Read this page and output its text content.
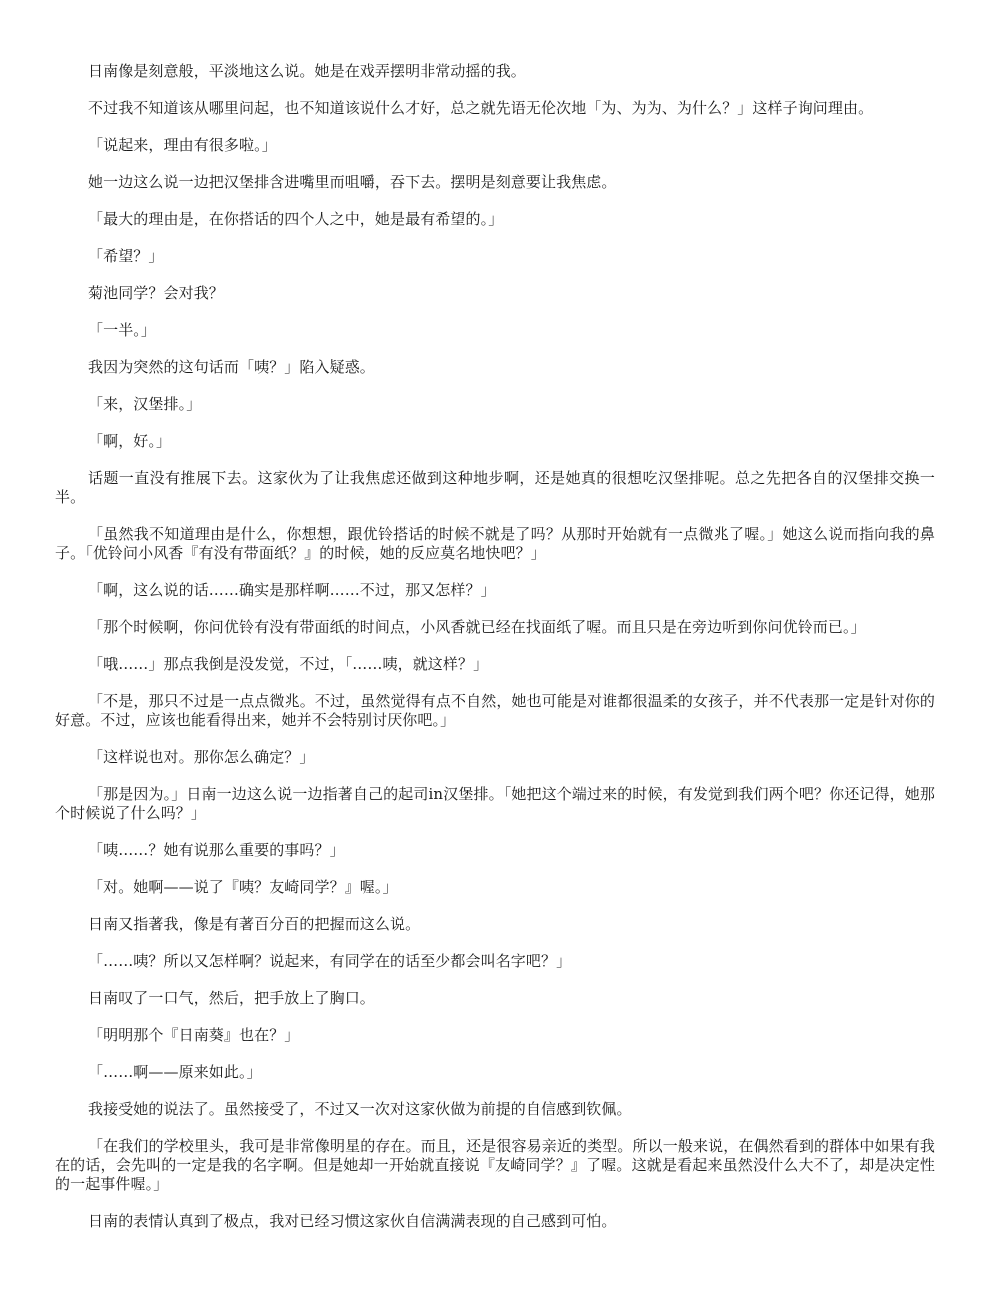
日南像是刻意般，平淡地这么说。她是在戏弄摆明非常动摇的我。

不过我不知道该从哪里问起，也不知道该说什么才好，总之就先语无伦次地「为、为为、为什么？」这样子询问理由。

「说起来，理由有很多啦。」

她一边这么说一边把汉堡排含进嘴里而咀嚼，吞下去。摆明是刻意要让我焦虑。

「最大的理由是，在你搭话的四个人之中，她是最有希望的。」

「希望？」

菊池同学？会对我？

「一半。」

我因为突然的这句话而「咦？」陷入疑惑。

「来，汉堡排。」

「啊，好。」

话题一直没有推展下去。这家伙为了让我焦虑还做到这种地步啊，还是她真的很想吃汉堡排呢。总之先把各自的汉堡排交换一半。

「虽然我不知道理由是什么，你想想，跟优铃搭话的时候不就是了吗？从那时开始就有一点微兆了喔。」她这么说而指向我的鼻子。「优铃问小风香『有没有带面纸？』的时候，她的反应莫名地快吧？」

「啊，这么说的话……确实是那样啊……不过，那又怎样？」

「那个时候啊，你问优铃有没有带面纸的时间点，小风香就已经在找面纸了喔。而且只是在旁边听到你问优铃而已。」

「哦……」那点我倒是没发觉，不过，「……咦，就这样？」

「不是，那只不过是一点点微兆。不过，虽然觉得有点不自然，她也可能是对谁都很温柔的女孩子，并不代表那一定是针对你的好意。不过，应该也能看得出来，她并不会特别讨厌你吧。」

「这样说也对。那你怎么确定？」

「那是因为。」日南一边这么说一边指著自己的起司in汉堡排。「她把这个端过来的时候，有发觉到我们两个吧？你还记得，她那个时候说了什么吗？」

「咦……？她有说那么重要的事吗？」

「对。她啊——说了『咦？友崎同学？』喔。」

日南又指著我，像是有著百分百的把握而这么说。

「……咦？所以又怎样啊？说起来，有同学在的话至少都会叫名字吧？」

日南叹了一口气，然后，把手放上了胸口。

「明明那个『日南葵』也在？」

「……啊——原来如此。」

我接受她的说法了。虽然接受了，不过又一次对这家伙做为前提的自信感到钦佩。

「在我们的学校里头，我可是非常像明星的存在。而且，还是很容易亲近的类型。所以一般来说，在偶然看到的群体中如果有我在的话，会先叫的一定是我的名字啊。但是她却一开始就直接说『友崎同学？』了喔。这就是看起来虽然没什么大不了，却是决定性的一起事件喔。」

日南的表情认真到了极点，我对已经习惯这家伙自信满满表现的自己感到可怕。
